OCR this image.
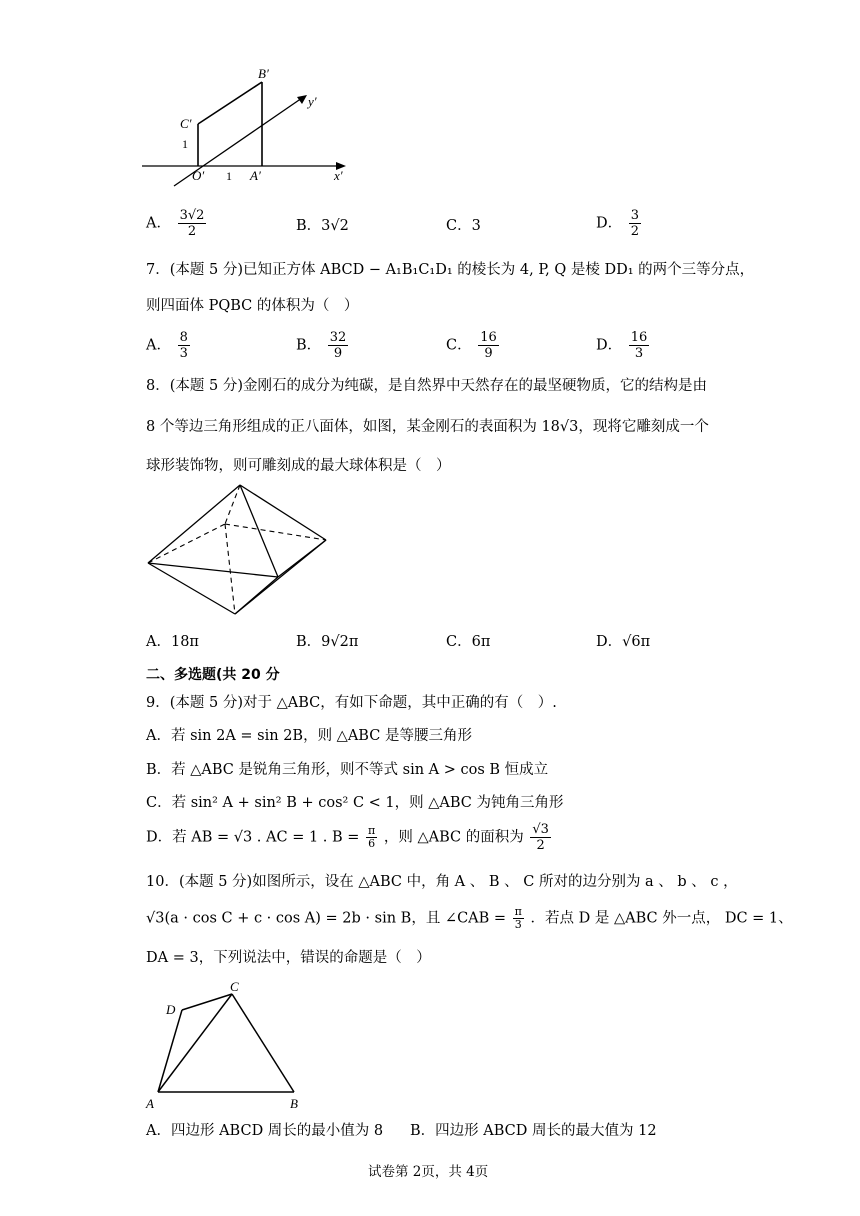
B′
y′
C′
1
O′ 1 A′	x′
A． $\frac{3√2}{2}$	B．3√2	C．3	D． $\frac{3}{2}$
7．(本题 5 分)已知正方体 ABCD − A₁B₁C₁D₁ 的棱长为 4, P, Q 是棱 DD₁ 的两个三等分点，
则四面体 PQBC 的体积为（　）
A． $\frac{8}{3}$	B． $\frac{32}{9}$	C． $\frac{16}{9}$	D． $\frac{16}{3}$
8．(本题 5 分)金刚石的成分为纯碳，是自然界中天然存在的最坚硬物质，它的结构是由
8 个等边三角形组成的正八面体，如图，某金刚石的表面积为 18√3，现将它雕刻成一个
球形装饰物，则可雕刻成的最大球体积是（　）
A．18π	B．9√2π	C．6π	D．√6π
二、多选题(共 20 分
9．(本题 5 分)对于 △ABC，有如下命题，其中正确的有（　）.
A．若 sin 2A = sin 2B，则 △ABC 是等腰三角形
B．若 △ABC 是锐角三角形，则不等式 sin A > cos B 恒成立
C．若 sin² A + sin² B + cos² C < 1，则 △ABC 为钝角三角形
D．若 AB = √3 . AC = 1 . $B = \frac{\pi}{6}$ ，则 △ABC 的面积为 $\frac{√3}{2}$
10．(本题 5 分)如图所示，设在 △ABC 中，角 A 、 B 、 C 所对的边分别为 a 、 b 、 c ，
√3(a · cos C + c · cos A) = 2b · sin B，且 ∠CAB = $\frac{\pi}{3}$ ．若点 D 是 △ABC 外一点， DC = 1、
DA = 3，下列说法中，错误的命题是（　）
D
C
A	B
A．四边形 ABCD 周长的最小值为 8 B．四边形 ABCD 周长的最大值为 12
试卷第 2页，共 4页
